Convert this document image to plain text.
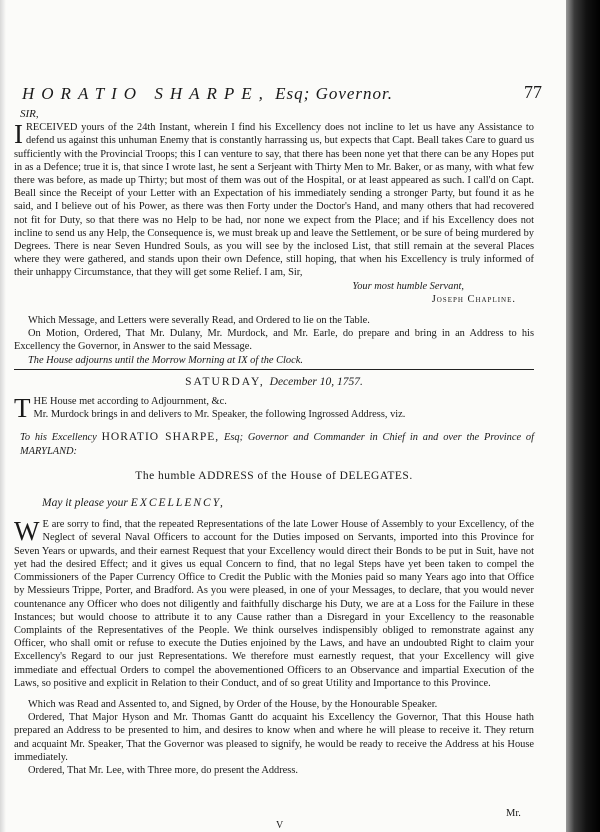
HORATIO SHARPE, Esq; Governor.	77
SIR,

IRECEIVED yours of the 24th Instant, wherein I find his Excellency does not incline to let us have any Assistance to defend us against this unhuman Enemy that is constantly harrassing us, but expects that Capt. Beall takes Care to guard us sufficiently with the Provincial Troops; this I can venture to say, that there has been none yet that there can be any Hopes put in as a Defence; true it is, that since I wrote last, he sent a Serjeant with Thirty Men to Mr. Baker, or as many, with what few there was before, as made up Thirty; but most of them was out of the Hospital, or at least appeared as such. I call'd on Capt. Beall since the Receipt of your Letter with an Expectation of his immediately sending a stronger Party, but found it as he said, and I believe out of his Power, as there was then Forty under the Doctor's Hand, and many others that had recovered not fit for Duty, so that there was no Help to be had, nor none we expect from the Place; and if his Excellency does not incline to send us any Help, the Consequence is, we must break up and leave the Settlement, or be sure of being murdered by Degrees. There is near Seven Hundred Souls, as you will see by the inclosed List, that still remain at the several Places where they were gathered, and stands upon their own Defence, still hoping, that when his Excellency is truly informed of their unhappy Circumstance, that they will get some Relief. I am, Sir,

Your most humble Servant,
Joseph Chapline.

Which Message, and Letters were severally Read, and Ordered to lie on the Table.

On Motion, Ordered, That Mr. Dulany, Mr. Murdock, and Mr. Earle, do prepare and bring in an Address to his Excellency the Governor, in Answer to the said Message.

The House adjourns until the Morrow Morning at IX of the Clock.

SATURDAY, December 10, 1757.

THE House met according to Adjournment, &c.
Mr. Murdock brings in and delivers to Mr. Speaker, the following Ingrossed Address, viz.

To his Excellency HORATIO SHARPE, Esq; Governor and Commander in Chief in and over the Province of MARYLAND:

The humble ADDRESS of the House of DELEGATES.
May it please your EXCELLENCY,

W E are sorry to find, that the repeated Representations of the late Lower House of Assembly to your Excellency, of the Neglect of several Naval Officers to account for the Duties imposed on Servants, imported into this Province for Seven Years or upwards, and their earnest Request that your Excellency would direct their Bonds to be put in Suit, have not yet had the desired Effect; and it gives us equal Concern to find, that no legal Steps have yet been taken to compel the Commissioners of the Paper Currency Office to Credit the Public with the Monies paid so many Years ago into that Office by Messieurs Trippe, Porter, and Bradford. As you were pleased, in one of your Messages, to declare, that you would never countenance any Officer who does not diligently and faithfully discharge his Duty, we are at a Loss for the Failure in these Instances; but would choose to attribute it to any Cause rather than a Disregard in your Excellency to the reasonable Complaints of the Representatives of the People. We think ourselves indispensibly obliged to remonstrate against any Officer, who shall omit or refuse to execute the Duties enjoined by the Laws, and have an undoubted Right to claim your Excellency's Regard to our just Representations. We therefore must earnestly request, that your Excellency will give immediate and effectual Orders to compel the abovementioned Officers to an Observance and impartial Execution of the Laws, so positive and explicit in Relation to their Conduct, and of so great Utility and Importance to this Province.

Which was Read and Assented to, and Signed, by Order of the House, by the Honourable Speaker.

Ordered, That Major Hyson and Mr. Thomas Gantt do acquaint his Excellency the Governor, That this House hath prepared an Address to be presented to him, and desires to know when and where he will please to receive it. They return and acquaint Mr. Speaker, That the Governor was pleased to signify, he would be ready to receive the Address at his House immediately.

Ordered, That Mr. Lee, with Three more, do present the Address.

Mr.
V
